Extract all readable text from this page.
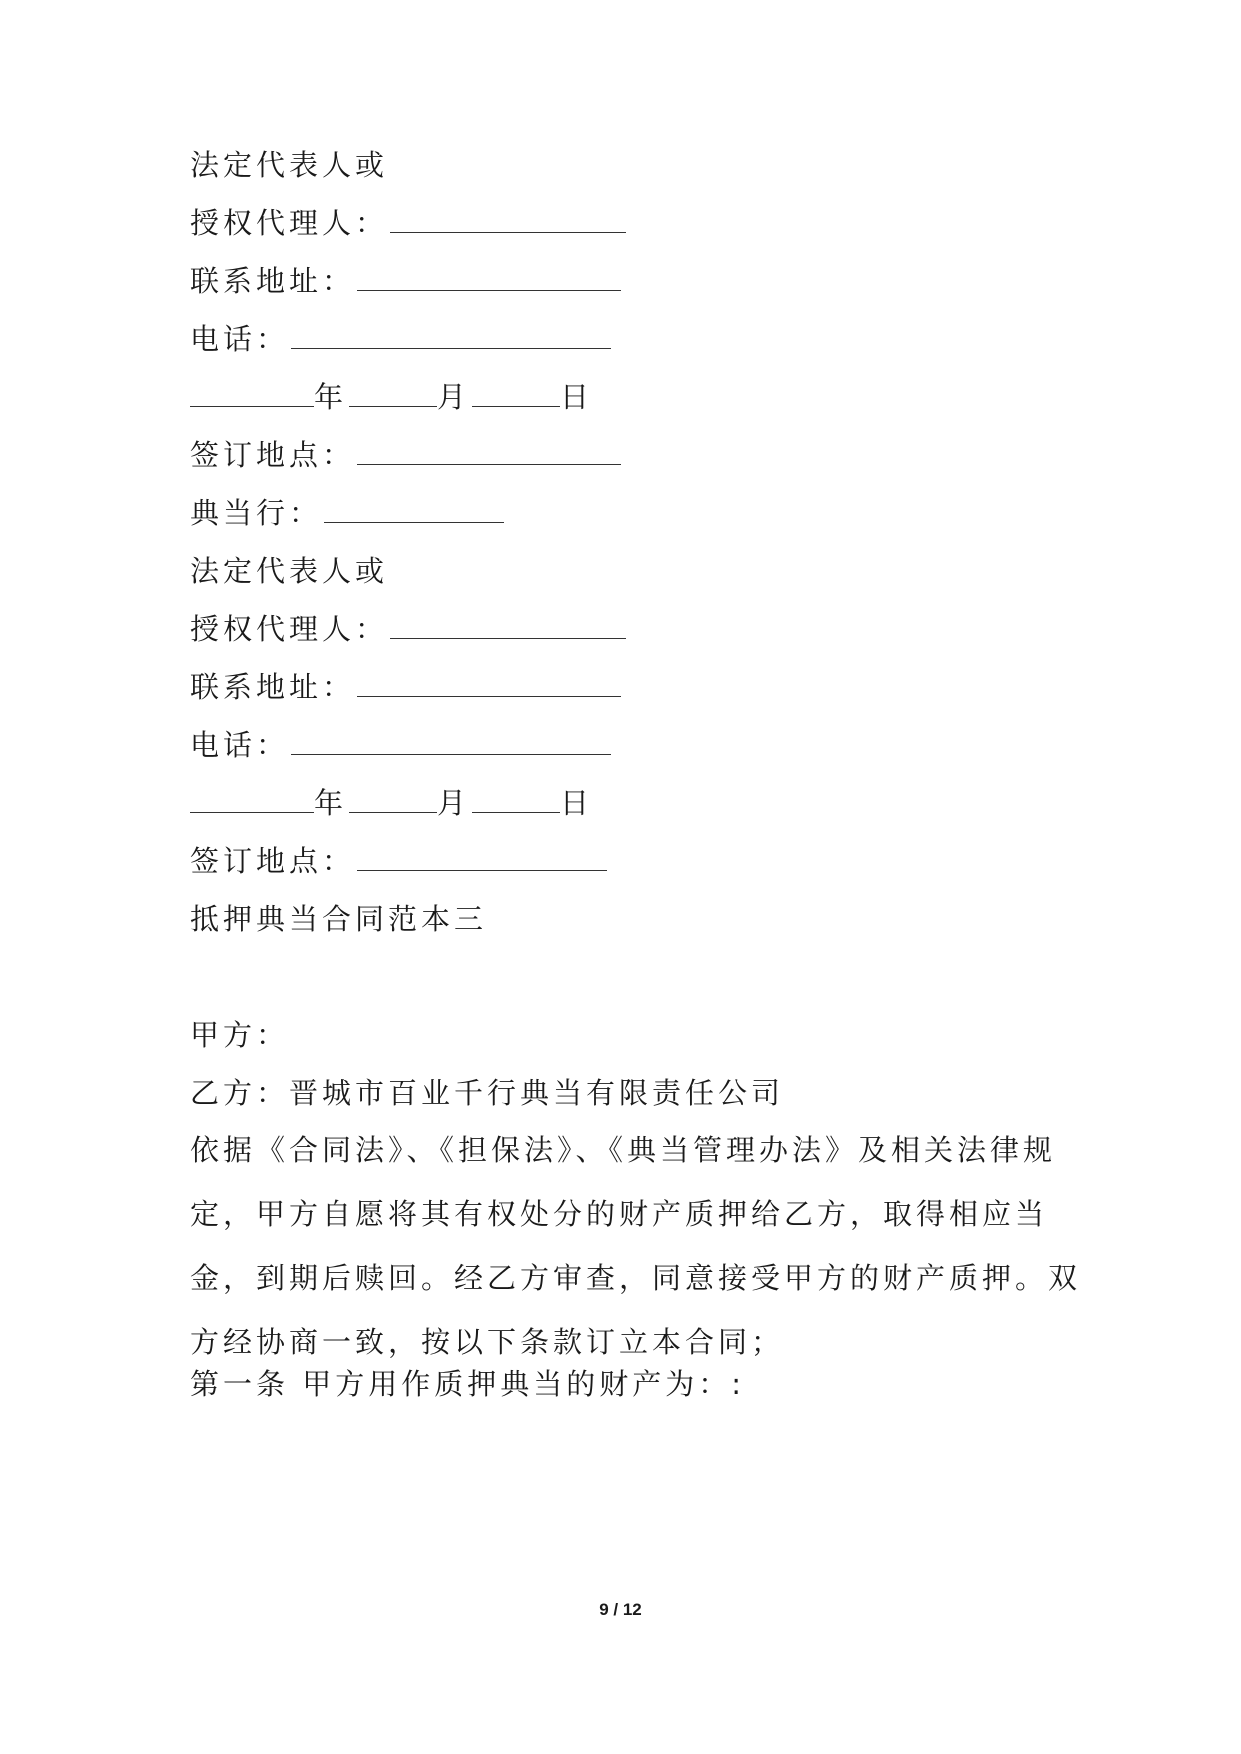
法定代表人或
授权代理人：
联系地址：
电话：
年	月	日
签订地点：
典当行：
法定代表人或
授权代理人：
联系地址：
电话：
年	月	日
签订地点：
抵押典当合同范本三
甲方：
乙方：晋城市百业千行典当有限责任公司
依据《合同法》、《担保法》、《典当管理办法》及相关法律规定，甲方自愿将其有权处分的财产质押给乙方，取得相应当金，到期后赎回。经乙方审查，同意接受甲方的财产质押。双方经协商一致，按以下条款订立本合同；
第一条 甲方用作质押典当的财产为：:
9 / 12
